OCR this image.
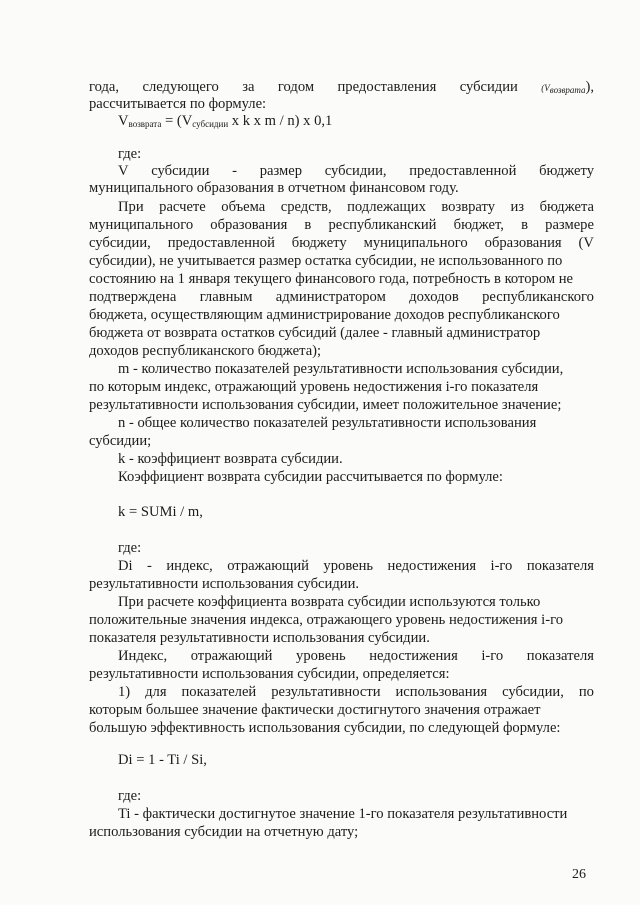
года, следующего за годом предоставления субсидии	$(V_{возврата})$,
рассчитывается по формуле:
$V_{возврата} = (V_{субсидии}$ x k x m / n) x 0,1
где:
V субсидии - размер субсидии, предоставленной бюджету
муниципального образования в отчетном финансовом году.
При расчете объема средств, подлежащих возврату из бюджета
муниципального образования в республиканский бюджет, в размере
субсидии, предоставленной бюджету муниципального образования (V
субсидии), не учитывается размер остатка субсидии, не использованного по
состоянию на 1 января текущего финансового года, потребность в котором не
подтверждена главным администратором доходов республиканского
бюджета, осуществляющим администрирование доходов республиканского
бюджета от возврата остатков субсидий (далее - главный администратор
доходов республиканского бюджета);
m - количество показателей результативности использования субсидии,
по которым индекс, отражающий уровень недостижения i-го показателя
результативности использования субсидии, имеет положительное значение;
n - общее количество показателей результативности использования
субсидии;
k - коэффициент возврата субсидии.
Коэффициент возврата субсидии рассчитывается по формуле:
k = SUMi / m,
где:
Di - индекс, отражающий уровень недостижения i-го показателя
результативности использования субсидии.
При расчете коэффициента возврата субсидии используются только
положительные значения индекса, отражающего уровень недостижения i-го
показателя результативности использования субсидии.
Индекс, отражающий уровень недостижения i-го показателя
результативности использования субсидии, определяется:
1) для показателей результативности использования субсидии, по
которым большее значение фактически достигнутого значения отражает
большую эффективность использования субсидии, по следующей формуле:
Di = 1 - Ti / Si,
где:
Ti - фактически достигнутое значение 1-го показателя результативности
использования субсидии на отчетную дату;
26
